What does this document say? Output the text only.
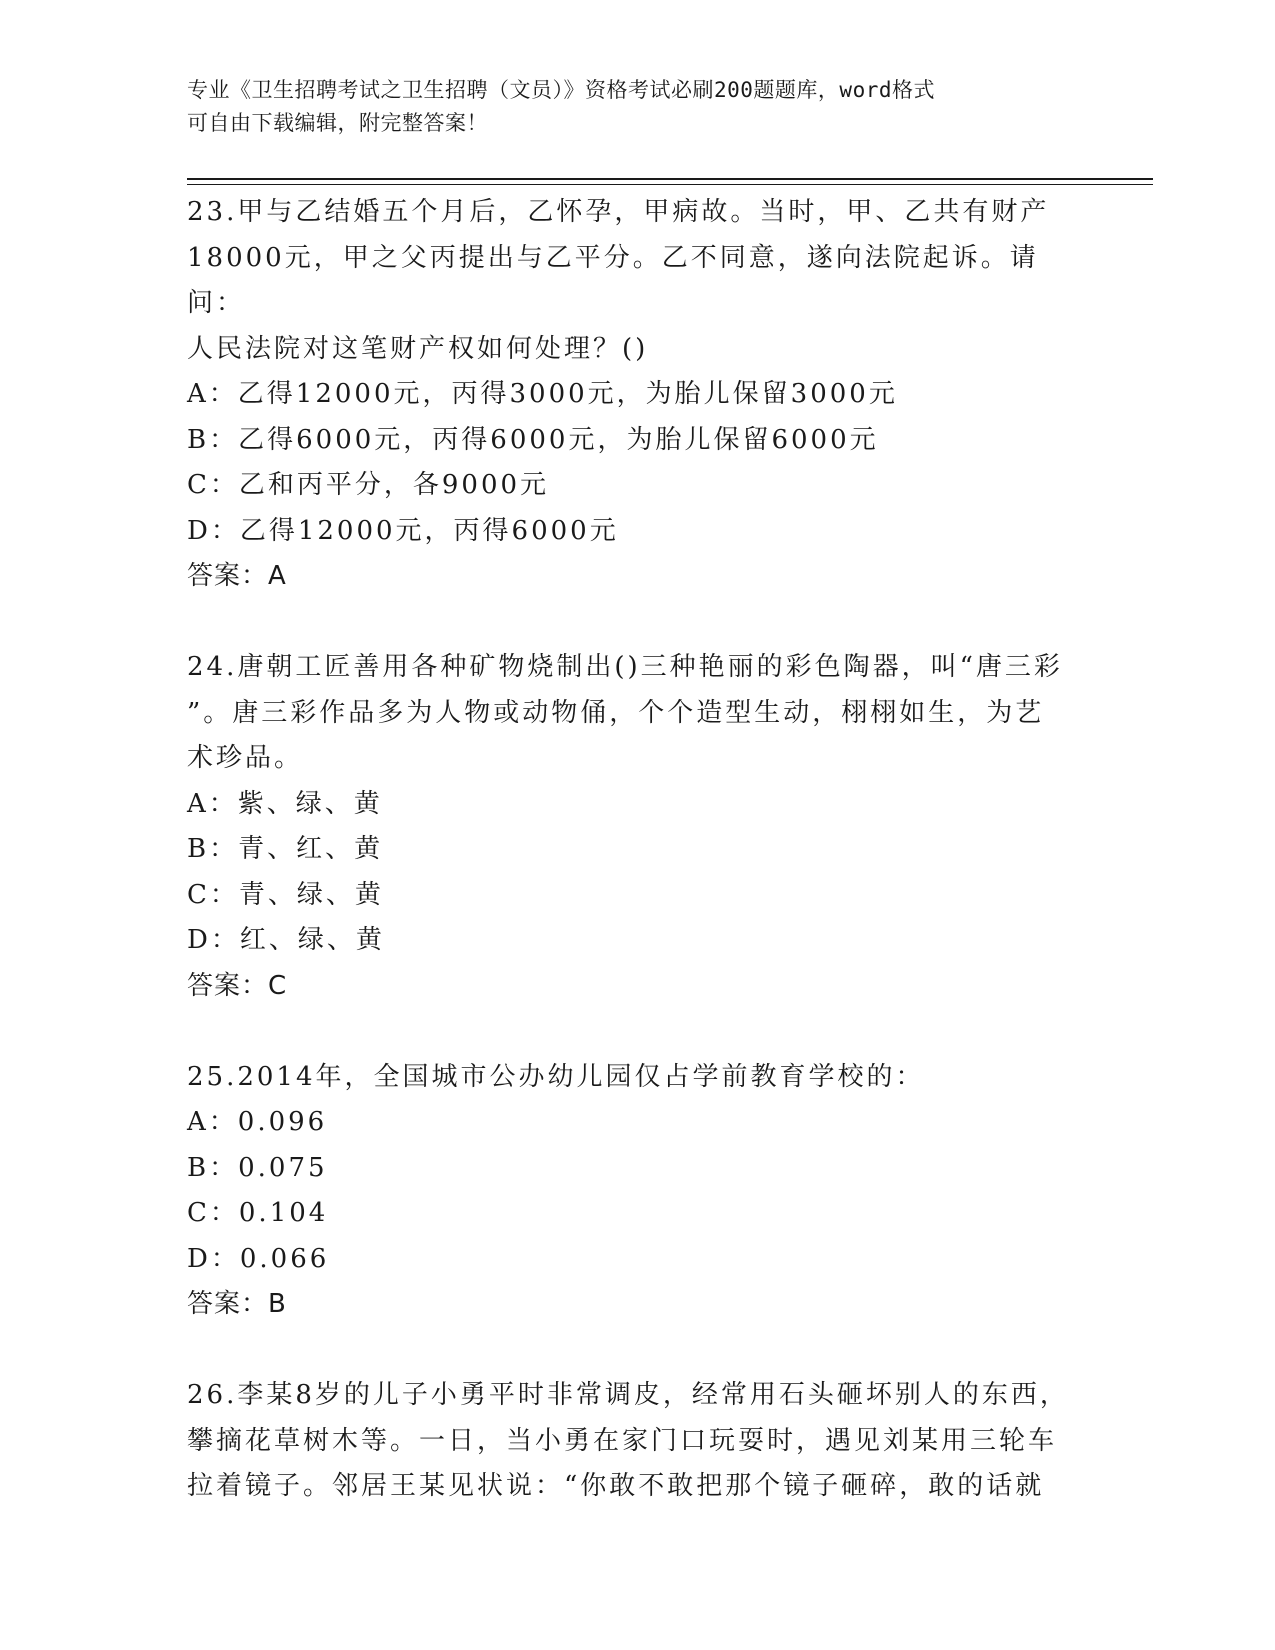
专业《卫生招聘考试之卫生招聘（文员）》资格考试必刷200题题库，word格式
可自由下载编辑，附完整答案！

23.甲与乙结婚五个月后，乙怀孕，甲病故。当时，甲、乙共有财产

18000元，甲之父丙提出与乙平分。乙不同意，遂向法院起诉。请问：

人民法院对这笔财产权如何处理？()

A：乙得12000元，丙得3000元，为胎儿保留3000元

B：乙得6000元，丙得6000元，为胎儿保留6000元

C：乙和丙平分，各9000元

D：乙得12000元，丙得6000元

答案：A

24.唐朝工匠善用各种矿物烧制出()三种艳丽的彩色陶器，叫“唐三彩

”。唐三彩作品多为人物或动物俑，个个造型生动，栩栩如生，为艺

术珍品。

A：紫、绿、黄

B：青、红、黄

C：青、绿、黄

D：红、绿、黄

答案：C

25.2014年，全国城市公办幼儿园仅占学前教育学校的：

A：0.096

B：0.075

C：0.104

D：0.066

答案：B

26.李某8岁的儿子小勇平时非常调皮，经常用石头砸坏别人的东西，

攀摘花草树木等。一日，当小勇在家门口玩耍时，遇见刘某用三轮车

拉着镜子。邻居王某见状说：“你敢不敢把那个镜子砸碎，敢的话就
